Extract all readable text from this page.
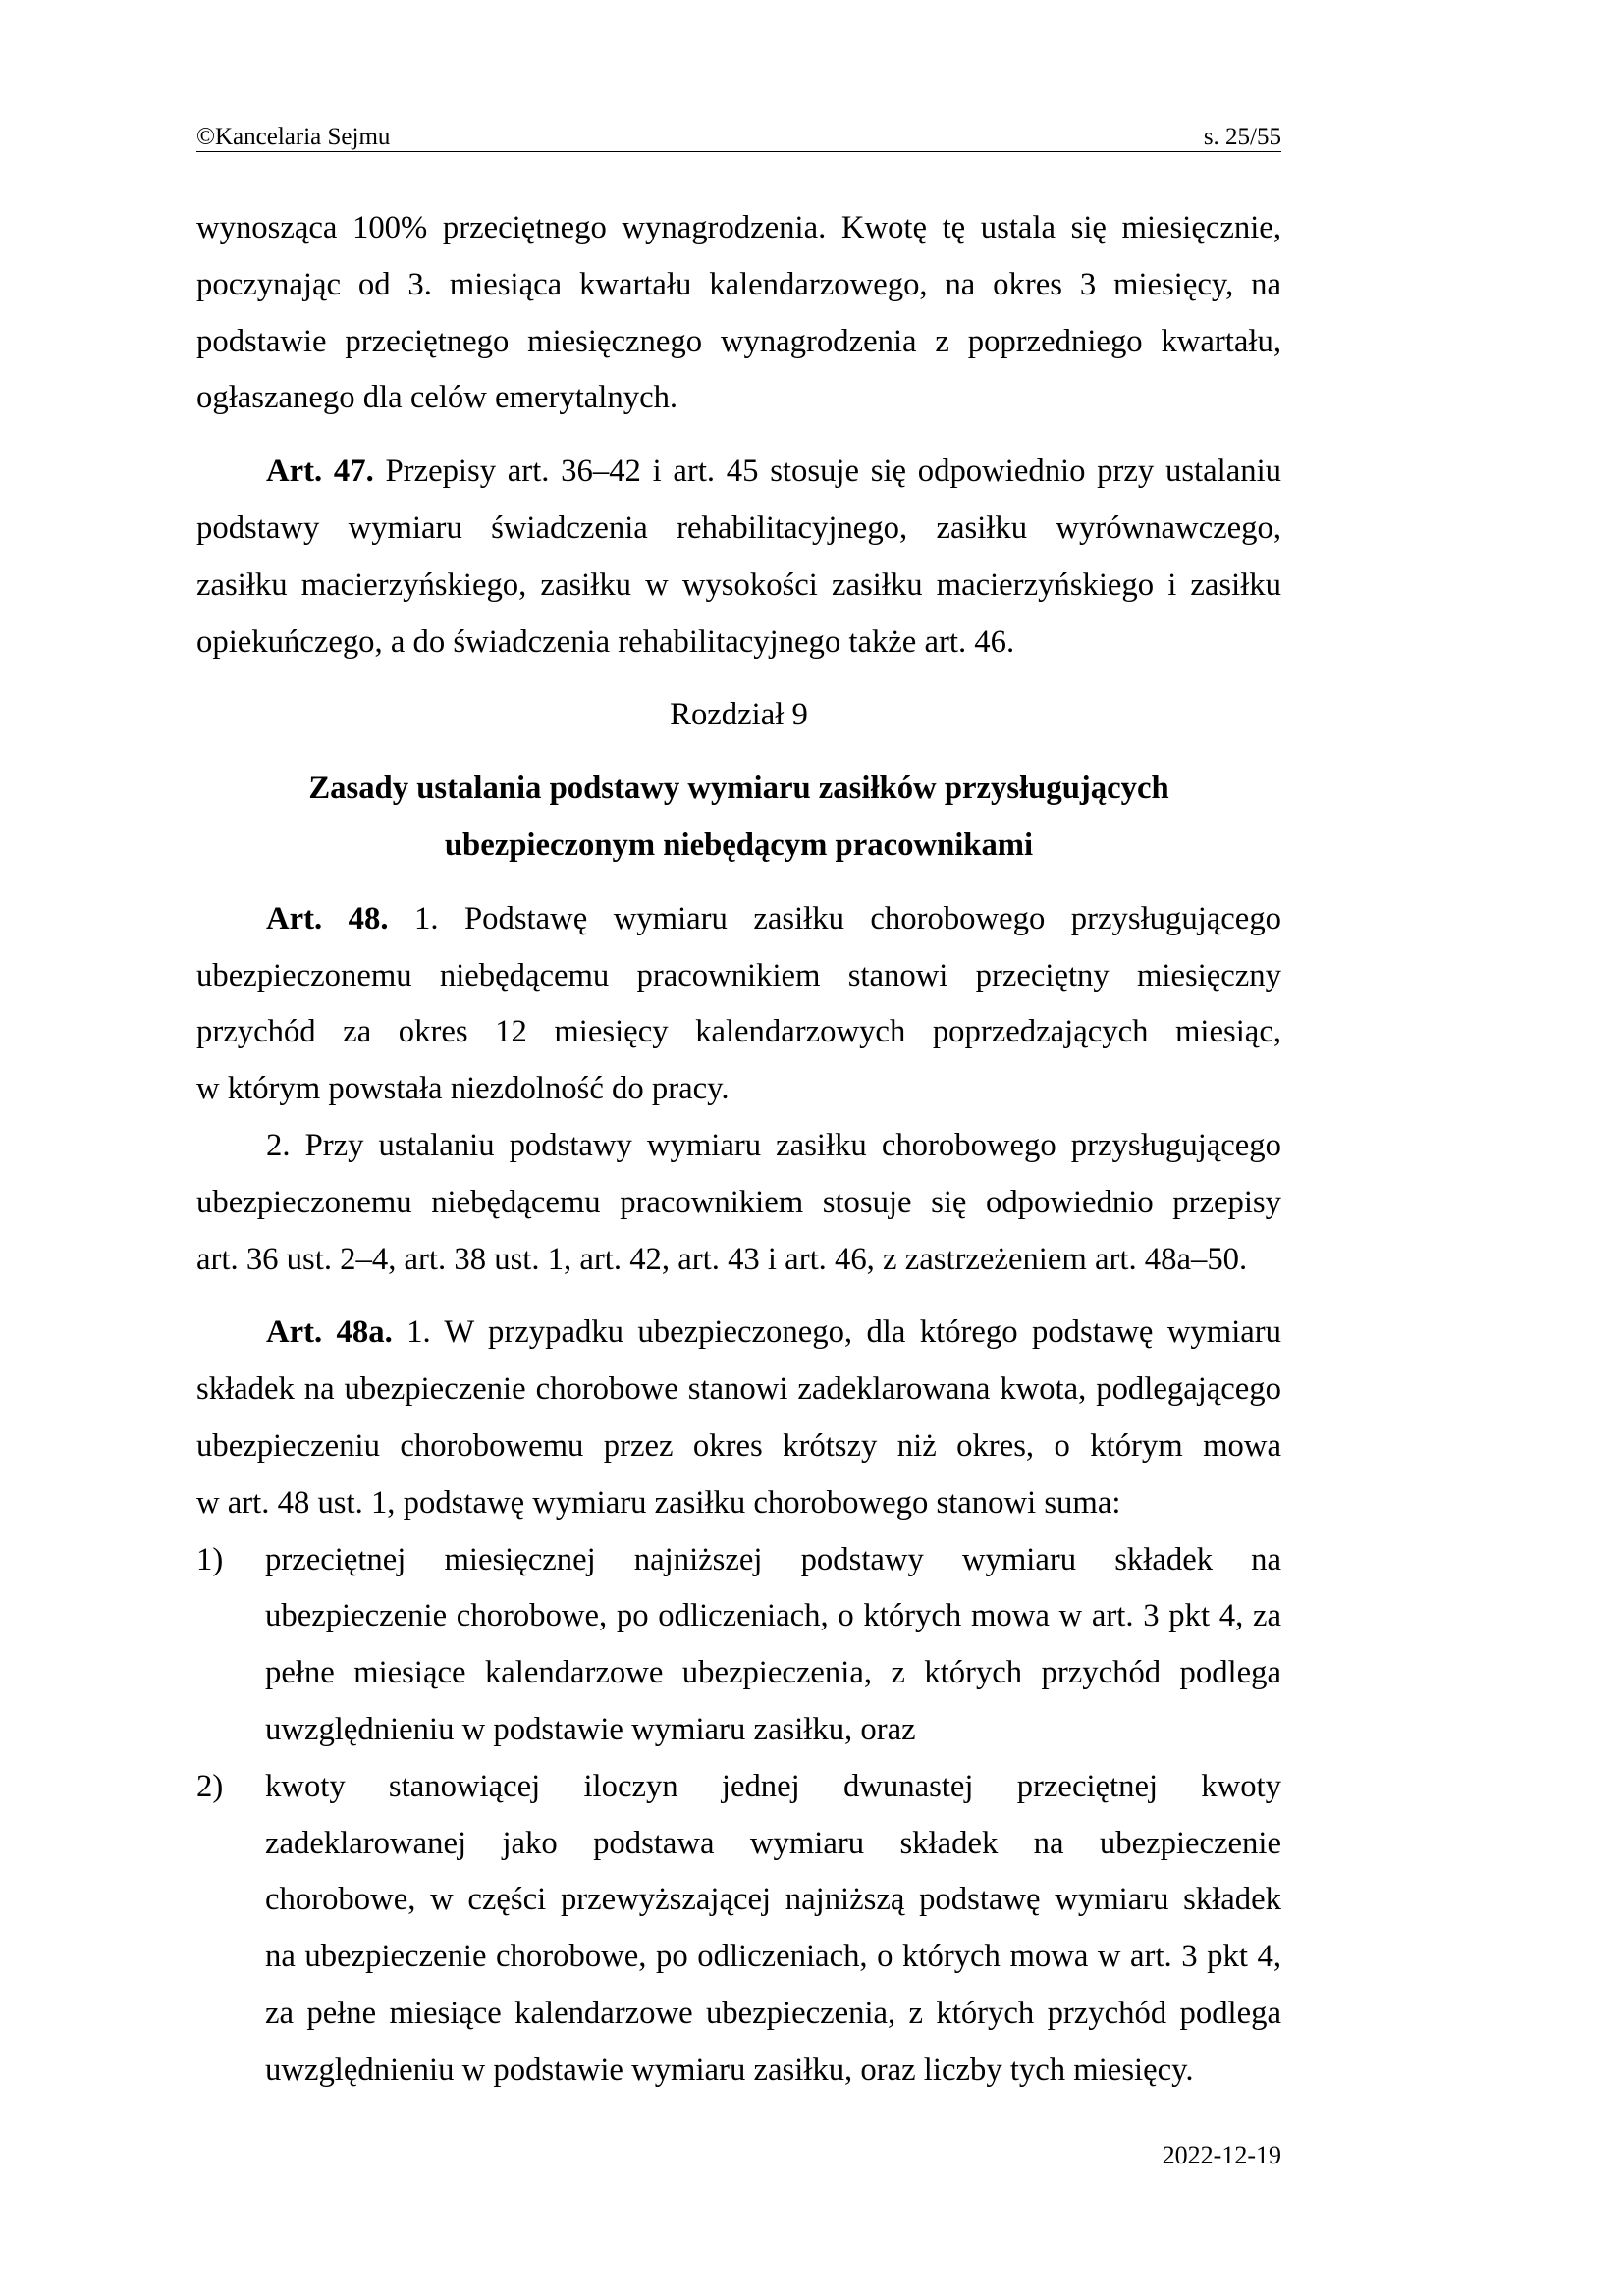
©Kancelaria Sejmu	s. 25/55
wynosząca 100% przeciętnego wynagrodzenia. Kwotę tę ustala się miesięcznie,
poczynając od 3. miesiąca kwartału kalendarzowego, na okres 3 miesięcy, na
podstawie przeciętnego miesięcznego wynagrodzenia z poprzedniego kwartału,
ogłaszanego dla celów emerytalnych.
Art. 47. Przepisy art. 36–42 i art. 45 stosuje się odpowiednio przy ustalaniu
podstawy wymiaru świadczenia rehabilitacyjnego, zasiłku wyrównawczego,
zasiłku macierzyńskiego, zasiłku w wysokości zasiłku macierzyńskiego i zasiłku
opiekuńczego, a do świadczenia rehabilitacyjnego także art. 46.
Rozdział 9
Zasady ustalania podstawy wymiaru zasiłków przysługujących
ubezpieczonym niebędącym pracownikami
Art. 48. 1. Podstawę wymiaru zasiłku chorobowego przysługującego
ubezpieczonemu niebędącemu pracownikiem stanowi przeciętny miesięczny
przychód za okres 12 miesięcy kalendarzowych poprzedzających miesiąc,
w którym powstała niezdolność do pracy.
2. Przy ustalaniu podstawy wymiaru zasiłku chorobowego przysługującego
ubezpieczonemu niebędącemu pracownikiem stosuje się odpowiednio przepisy
art. 36 ust. 2–4, art. 38 ust. 1, art. 42, art. 43 i art. 46, z zastrzeżeniem art. 48a–50.
Art. 48a. 1. W przypadku ubezpieczonego, dla którego podstawę wymiaru
składek na ubezpieczenie chorobowe stanowi zadeklarowana kwota, podlegającego
ubezpieczeniu chorobowemu przez okres krótszy niż okres, o którym mowa
w art. 48 ust. 1, podstawę wymiaru zasiłku chorobowego stanowi suma:
1) przeciętnej miesięcznej najniższej podstawy wymiaru składek na
ubezpieczenie chorobowe, po odliczeniach, o których mowa w art. 3 pkt 4, za
pełne miesiące kalendarzowe ubezpieczenia, z których przychód podlega
uwzględnieniu w podstawie wymiaru zasiłku, oraz
2) kwoty stanowiącej iloczyn jednej dwunastej przeciętnej kwoty
zadeklarowanej jako podstawa wymiaru składek na ubezpieczenie
chorobowe, w części przewyższającej najniższą podstawę wymiaru składek
na ubezpieczenie chorobowe, po odliczeniach, o których mowa w art. 3 pkt 4,
za pełne miesiące kalendarzowe ubezpieczenia, z których przychód podlega
uwzględnieniu w podstawie wymiaru zasiłku, oraz liczby tych miesięcy.
2022-12-19
